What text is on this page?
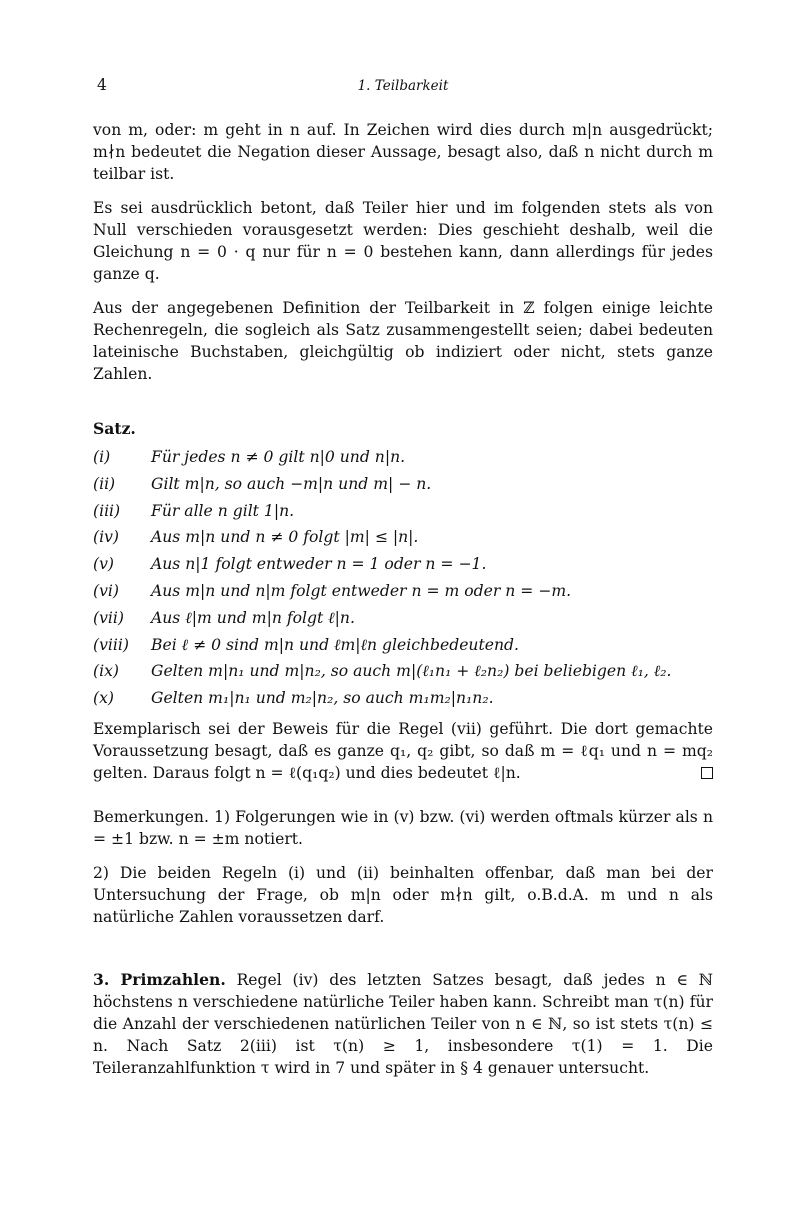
4	1. Teilbarkeit

von m, oder: m geht in n auf. In Zeichen wird dies durch m|n ausgedrückt; m∤n bedeutet die Negation dieser Aussage, besagt also, daß n nicht durch m teilbar ist.

Es sei ausdrücklich betont, daß Teiler hier und im folgenden stets als von Null verschieden vorausgesetzt werden: Dies geschieht deshalb, weil die Gleichung n = 0 · q nur für n = 0 bestehen kann, dann allerdings für jedes ganze q.

Aus der angegebenen Definition der Teilbarkeit in ℤ folgen einige leichte Rechenregeln, die sogleich als Satz zusammengestellt seien; dabei bedeuten lateinische Buchstaben, gleichgültig ob indiziert oder nicht, stets ganze Zahlen.

Satz.
(i)	Für jedes n ≠ 0 gilt n|0 und n|n.
(ii)	Gilt m|n, so auch −m|n und m| − n.
(iii)	Für alle n gilt 1|n.
(iv)	Aus m|n und n ≠ 0 folgt |m| ≤ |n|.
(v)	Aus n|1 folgt entweder n = 1 oder n = −1.
(vi)	Aus m|n und n|m folgt entweder n = m oder n = −m.
(vii)	Aus ℓ|m und m|n folgt ℓ|n.
(viii)	Bei ℓ ≠ 0 sind m|n und ℓm|ℓn gleichbedeutend.
(ix)	Gelten m|n₁ und m|n₂, so auch m|(ℓ₁n₁ + ℓ₂n₂) bei beliebigen ℓ₁, ℓ₂.
(x)	Gelten m₁|n₁ und m₂|n₂, so auch m₁m₂|n₁n₂.

Exemplarisch sei der Beweis für die Regel (vii) geführt. Die dort gemachte Voraussetzung besagt, daß es ganze q₁, q₂ gibt, so daß m = ℓq₁ und n = mq₂ gelten. Daraus folgt n = ℓ(q₁q₂) und dies bedeutet ℓ|n.

Bemerkungen. 1) Folgerungen wie in (v) bzw. (vi) werden oftmals kürzer als n = ±1 bzw. n = ±m notiert.

2) Die beiden Regeln (i) und (ii) beinhalten offenbar, daß man bei der Untersuchung der Frage, ob m|n oder m∤n gilt, o.B.d.A. m und n als natürliche Zahlen voraussetzen darf.

3. Primzahlen. Regel (iv) des letzten Satzes besagt, daß jedes n ∈ ℕ höchstens n verschiedene natürliche Teiler haben kann. Schreibt man τ(n) für die Anzahl der verschiedenen natürlichen Teiler von n ∈ ℕ, so ist stets τ(n) ≤ n. Nach Satz 2(iii) ist τ(n) ≥ 1, insbesondere τ(1) = 1. Die Teileranzahlfunktion τ wird in 7 und später in § 4 genauer untersucht.
